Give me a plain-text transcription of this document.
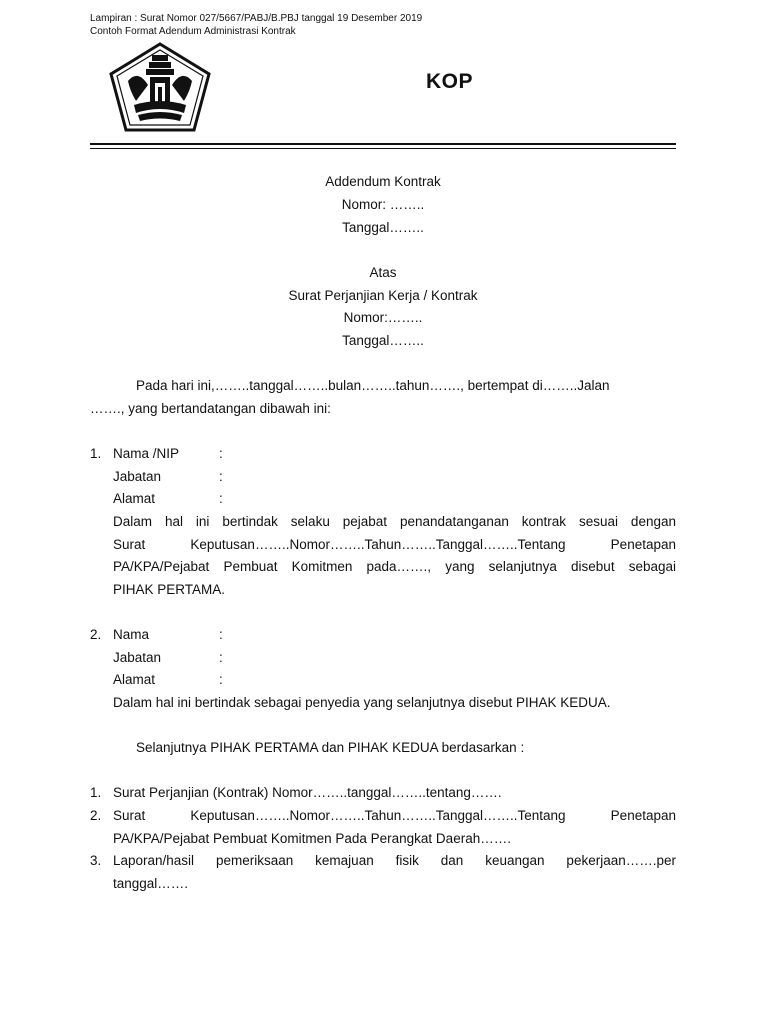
Lampiran : Surat Nomor 027/5667/PABJ/B.PBJ tanggal 19 Desember 2019
Contoh Format Adendum Administrasi Kontrak
KOP
Addendum Kontrak
Nomor: ……..
Tanggal……..
Atas
Surat Perjanjian Kerja / Kontrak
Nomor:……..
Tanggal……..
Pada hari ini,……..tanggal……..bulan……..tahun……., bertempat di……..Jalan
……., yang bertandatangan dibawah ini:
1. Nama /NIP	:
Jabatan	:
Alamat	:
Dalam hal ini bertindak selaku pejabat penandatanganan kontrak sesuai dengan
Surat Keputusan……..Nomor……..Tahun……..Tanggal……..Tentang Penetapan
PA/KPA/Pejabat Pembuat Komitmen pada……., yang selanjutnya disebut sebagai
PIHAK PERTAMA.
2. Nama	:
Jabatan	:
Alamat	:
Dalam hal ini bertindak sebagai penyedia yang selanjutnya disebut PIHAK KEDUA.
Selanjutnya PIHAK PERTAMA dan PIHAK KEDUA berdasarkan :
1. Surat Perjanjian (Kontrak) Nomor……..tanggal……..tentang…….
2. Surat Keputusan……..Nomor……..Tahun……..Tanggal……..Tentang Penetapan
PA/KPA/Pejabat Pembuat Komitmen Pada Perangkat Daerah…….
3. Laporan/hasil pemeriksaan kemajuan fisik dan keuangan pekerjaan…….per
tanggal…….
